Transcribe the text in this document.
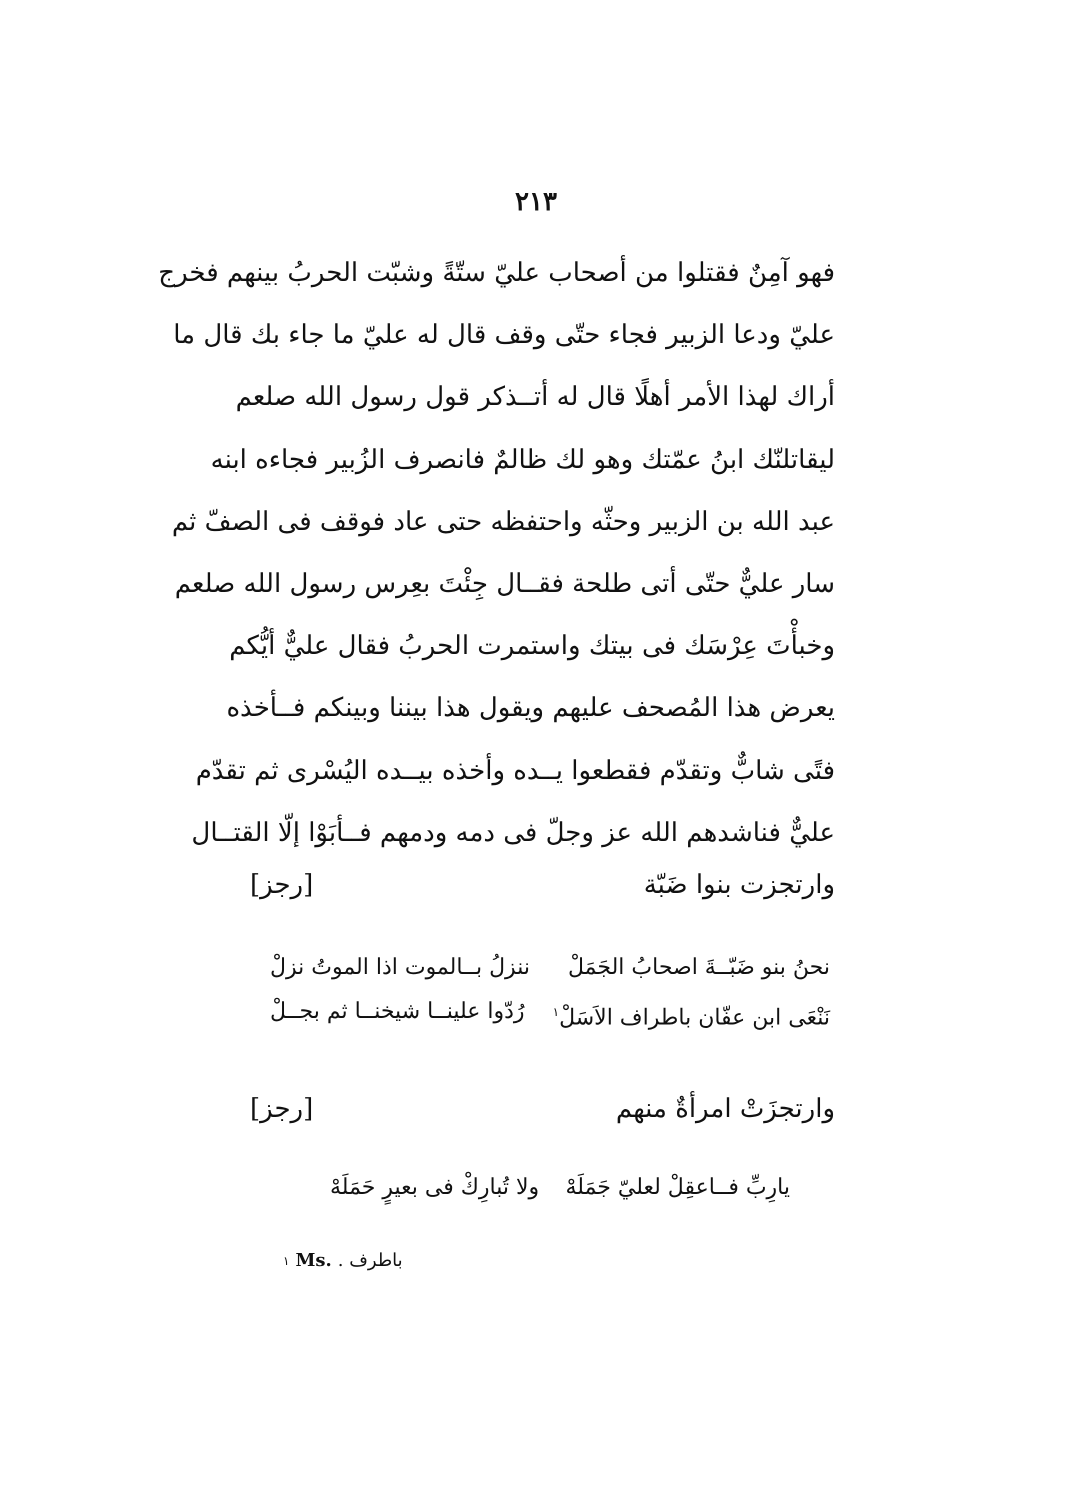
٢١٣
فهو آمِنٌ فقتلوا من أصحاب عليّ ستّةً وشبّت الحربُ بينهم فخرج
عليّ ودعا الزبير فجاء حتّى وقف قال له عليّ ما جاء بك قال ما
أراك لهذا الأمر أهلًا قال له أتــذكر قول رسول الله صلعم
ليقاتلنّك ابنُ عمّتك وهو لك ظالمٌ فانصرف الزُبير فجاءه ابنه
عبد الله بن الزبير وحثّه واحتفظه حتى عاد فوقف فى الصفّ ثم
سار عليٌّ حتّى أتى طلحة فقــال جِئْتَ بعِرس رسول الله صلعم
وخبأْتَ عِرْسَك فى بيتك واستمرت الحربُ فقال عليٌّ أيُّكم
يعرض هذا المُصحف عليهم ويقول هذا بيننا وبينكم فــأخذه
فتًى شابٌّ وتقدّم فقطعوا يــده وأخذه بيــده اليُسْرى ثم تقدّم
عليٌّ فناشدهم الله عز وجلّ فى دمه ودمهم فــأبَوْا إلّا القتــال
وارتجزت بنوا ضَبّة
[رجز]
نحنُ بنو ضَبّــةَ اصحابُ الجَمَلْ
ننزلُ بــالموت اذا الموتُ نزلْ
نَنْعَى ابن عفّان باطراف الاَسَلْ$^١$
رُدّوا علينــا شيخنــا ثم بجــلْ
وارتجزَتْ امرأةٌ منهم
[رجز]
يارِبِّ فــاعقِلْ لعليّ جَمَلَهْ
ولا تُبارِكْ فى بعيرٍ حَمَلَهْ
$^١$ Ms. باطرف .
